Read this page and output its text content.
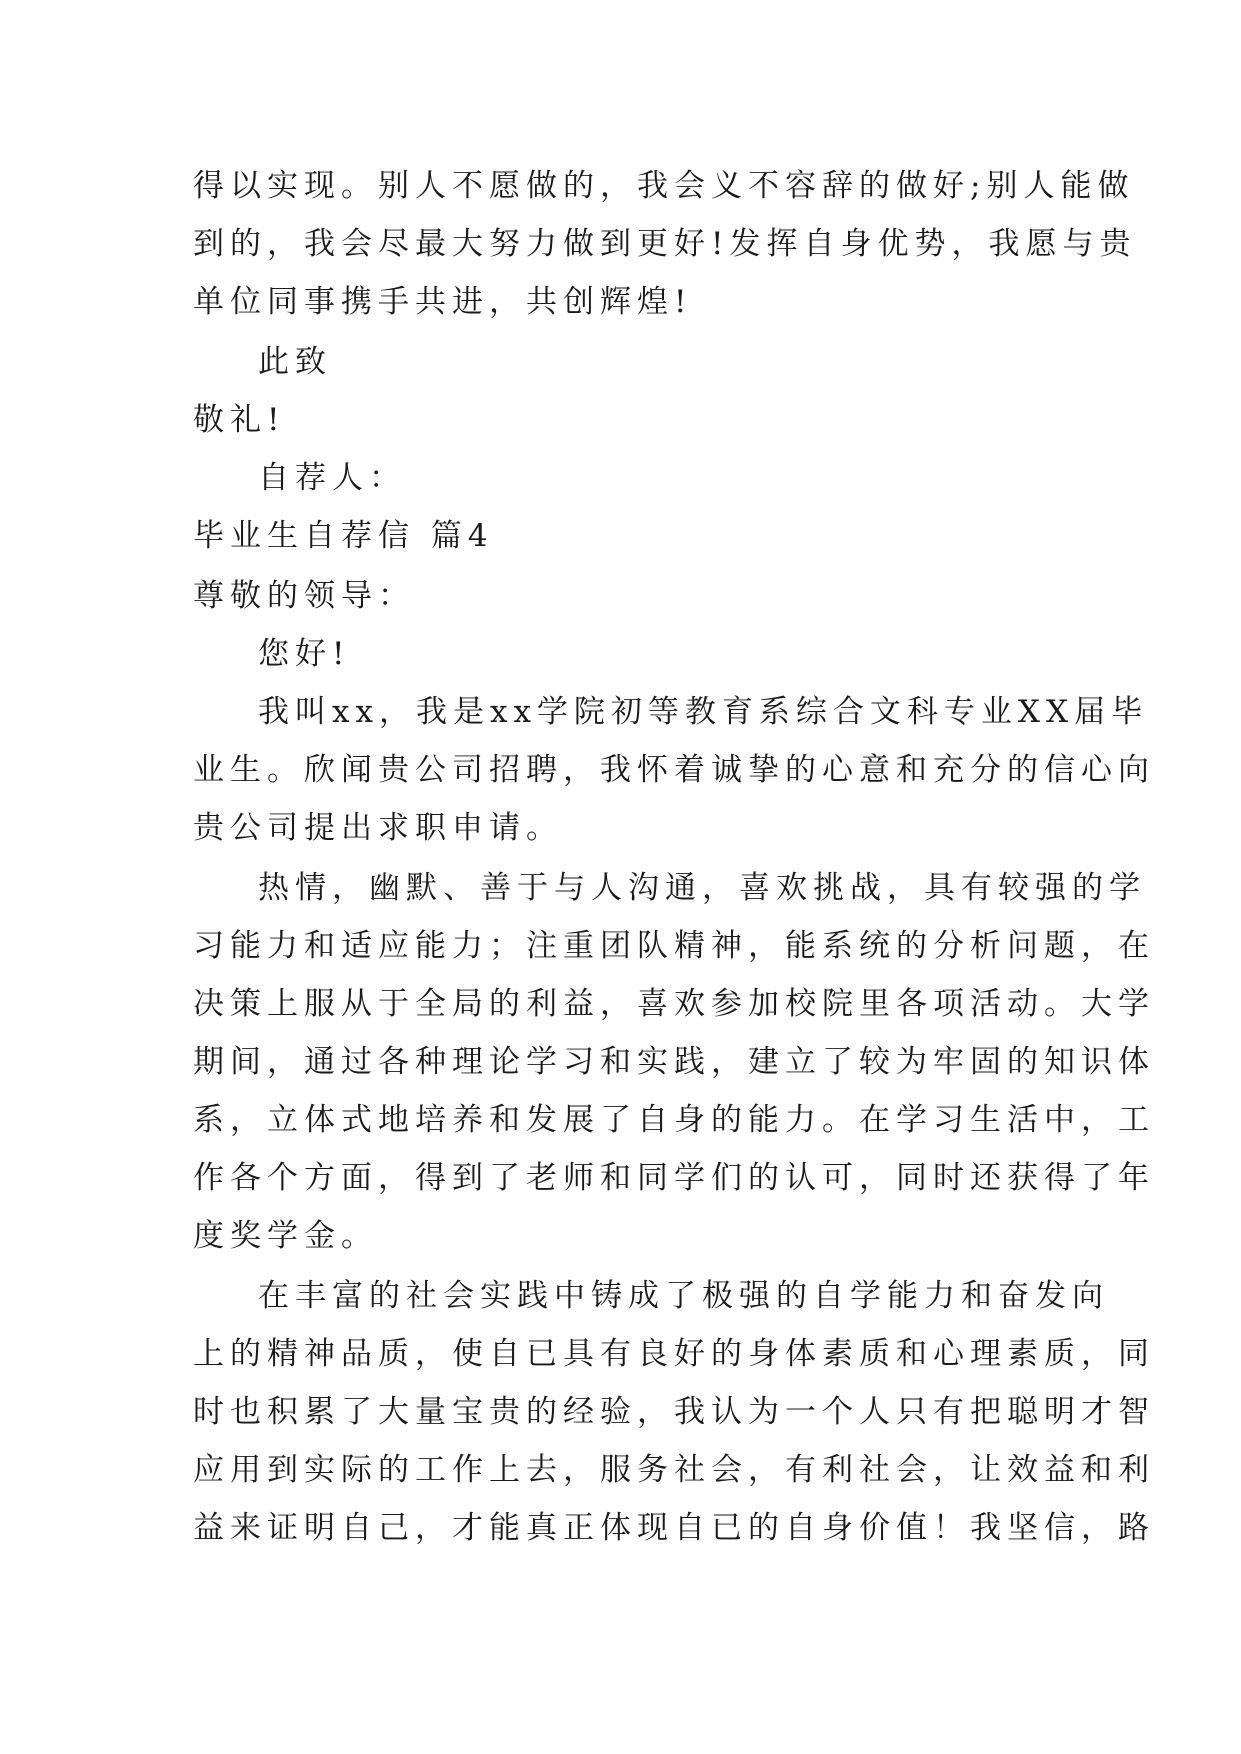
得以实现。别人不愿做的，我会义不容辞的做好;别人能做
到的，我会尽最大努力做到更好!发挥自身优势，我愿与贵
单位同事携手共进，共创辉煌!
此致
敬礼!
自荐人：
毕业生自荐信 篇4
尊敬的领导：
您好!
我叫xx，我是xx学院初等教育系综合文科专业XX届毕
业生。欣闻贵公司招聘，我怀着诚挚的心意和充分的信心向
贵公司提出求职申请。
热情，幽默、善于与人沟通，喜欢挑战，具有较强的学
习能力和适应能力；注重团队精神，能系统的分析问题，在
决策上服从于全局的利益，喜欢参加校院里各项活动。大学
期间，通过各种理论学习和实践，建立了较为牢固的知识体
系，立体式地培养和发展了自身的能力。在学习生活中，工
作各个方面，得到了老师和同学们的认可，同时还获得了年
度奖学金。
在丰富的社会实践中铸成了极强的自学能力和奋发向
上的精神品质，使自已具有良好的身体素质和心理素质，同
时也积累了大量宝贵的经验，我认为一个人只有把聪明才智
应用到实际的工作上去，服务社会，有利社会，让效益和利
益来证明自己，才能真正体现自已的自身价值！我坚信，路
